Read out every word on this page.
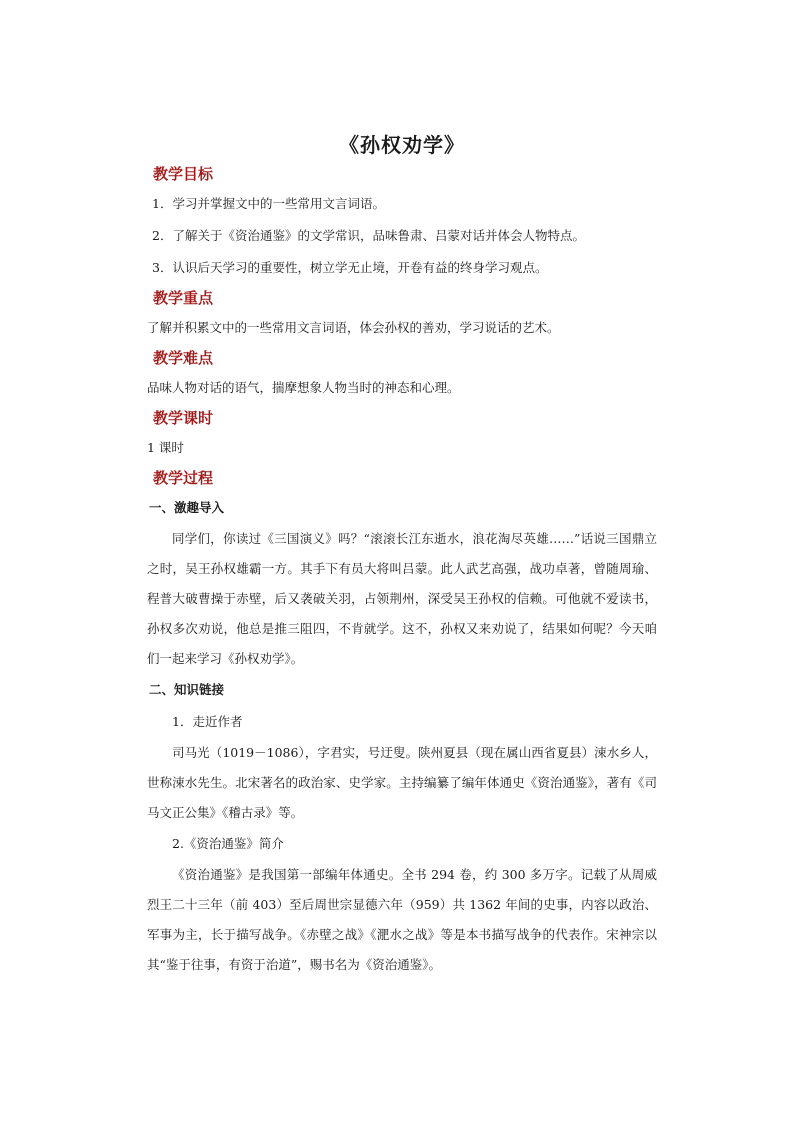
《孙权劝学》
教学目标

1．学习并掌握文中的一些常用文言词语。

2．了解关于《资治通鉴》的文学常识，品味鲁肃、吕蒙对话并体会人物特点。

3．认识后天学习的重要性，树立学无止境，开卷有益的终身学习观点。

教学重点

了解并积累文中的一些常用文言词语，体会孙权的善劝，学习说话的艺术。

教学难点

品味人物对话的语气，揣摩想象人物当时的神态和心理。

教学课时

1 课时

教学过程

一、激趣导入

同学们，你读过《三国演义》吗？“滚滚长江东逝水，浪花淘尽英雄……”话说三国鼎立之时，吴王孙权雄霸一方。其手下有员大将叫吕蒙。此人武艺高强，战功卓著，曾随周瑜、程普大破曹操于赤壁，后又袭破关羽，占领荆州，深受吴王孙权的信赖。可他就不爱读书，孙权多次劝说，他总是推三阻四，不肯就学。这不，孙权又来劝说了，结果如何呢？今天咱们一起来学习《孙权劝学》。

二、知识链接

1．走近作者

司马光（1019－1086），字君实，号迂叟。陕州夏县（现在属山西省夏县）涑水乡人，世称涑水先生。北宋著名的政治家、史学家。主持编纂了编年体通史《资治通鉴》，著有《司马文正公集》《稽古录》等。

2.《资治通鉴》简介

《资治通鉴》是我国第一部编年体通史。全书 294 卷，约 300 多万字。记载了从周威烈王二十三年（前 403）至后周世宗显德六年（959）共 1362 年间的史事，内容以政治、军事为主，长于描写战争。《赤壁之战》《淝水之战》等是本书描写战争的代表作。宋神宗以其“鉴于往事，有资于治道”，赐书名为《资治通鉴》。
